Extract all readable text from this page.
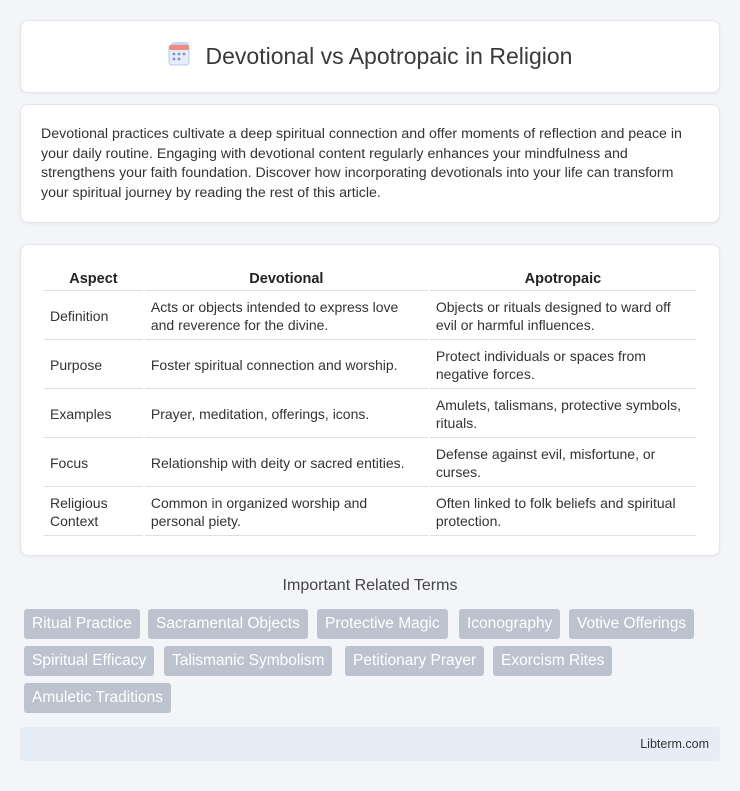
Devotional vs Apotropaic in Religion

Devotional practices cultivate a deep spiritual connection and offer moments of reflection and peace in your daily routine. Engaging with devotional content regularly enhances your mindfulness and strengthens your faith foundation. Discover how incorporating devotionals into your life can transform your spiritual journey by reading the rest of this article.

Aspect	Devotional	Apotropaic
Definition	Acts or objects intended to express love and reverence for the divine.	Objects or rituals designed to ward off evil or harmful influences.
Purpose	Foster spiritual connection and worship.	Protect individuals or spaces from negative forces.
Examples	Prayer, meditation, offerings, icons.	Amulets, talismans, protective symbols, rituals.
Focus	Relationship with deity or sacred entities.	Defense against evil, misfortune, or curses.
Religious Context	Common in organized worship and personal piety.	Often linked to folk beliefs and spiritual protection.
Important Related Terms
Ritual Practice	Sacramental Objects	Protective Magic	Iconography	Votive Offerings
Spiritual Efficacy	Talismanic Symbolism	Petitionary Prayer	Exorcism Rites
Amuletic Traditions
Libterm.com
